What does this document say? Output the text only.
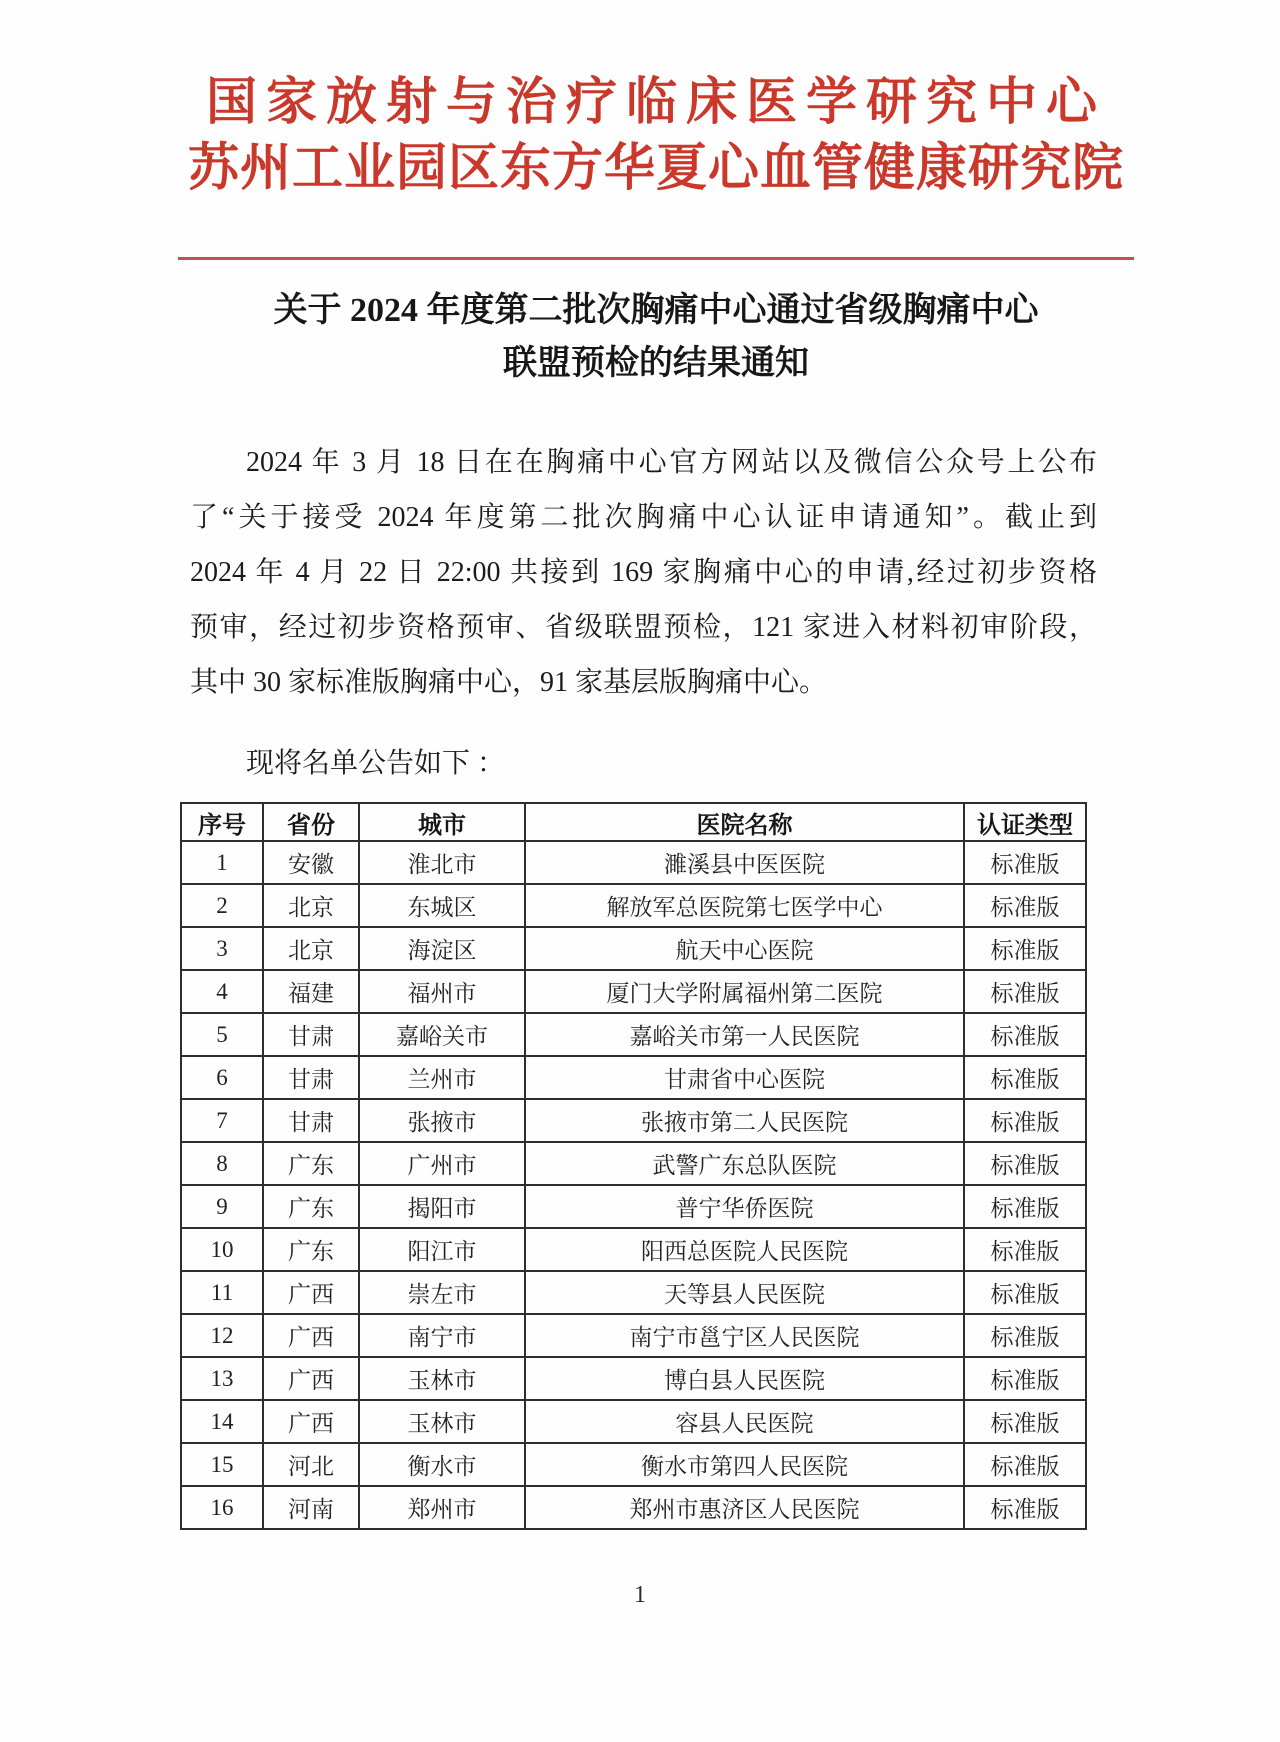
国家放射与治疗临床医学研究中心
苏州工业园区东方华夏心血管健康研究院
关于 2024 年度第二批次胸痛中心通过省级胸痛中心
联盟预检的结果通知

2024 年 3 月 18 日在在胸痛中心官方网站以及微信公众号上公布

了“关于接受 2024 年度第二批次胸痛中心认证申请通知”。截止到

2024 年 4 月 22 日 22:00 共接到 169 家胸痛中心的申请,经过初步资格

预审，经过初步资格预审、省级联盟预检，121 家进入材料初审阶段，

其中 30 家标准版胸痛中心，91 家基层版胸痛中心。

现将名单公告如下 ：

序号	省份	城市	医院名称	认证类型
1	安徽	淮北市	濉溪县中医医院	标准版
2	北京	东城区	解放军总医院第七医学中心	标准版
3	北京	海淀区	航天中心医院	标准版
4	福建	福州市	厦门大学附属福州第二医院	标准版
5	甘肃	嘉峪关市	嘉峪关市第一人民医院	标准版
6	甘肃	兰州市	甘肃省中心医院	标准版
7	甘肃	张掖市	张掖市第二人民医院	标准版
8	广东	广州市	武警广东总队医院	标准版
9	广东	揭阳市	普宁华侨医院	标准版
10	广东	阳江市	阳西总医院人民医院	标准版
11	广西	崇左市	天等县人民医院	标准版
12	广西	南宁市	南宁市邕宁区人民医院	标准版
13	广西	玉林市	博白县人民医院	标准版
14	广西	玉林市	容县人民医院	标准版
15	河北	衡水市	衡水市第四人民医院	标准版
16	河南	郑州市	郑州市惠济区人民医院	标准版
1
